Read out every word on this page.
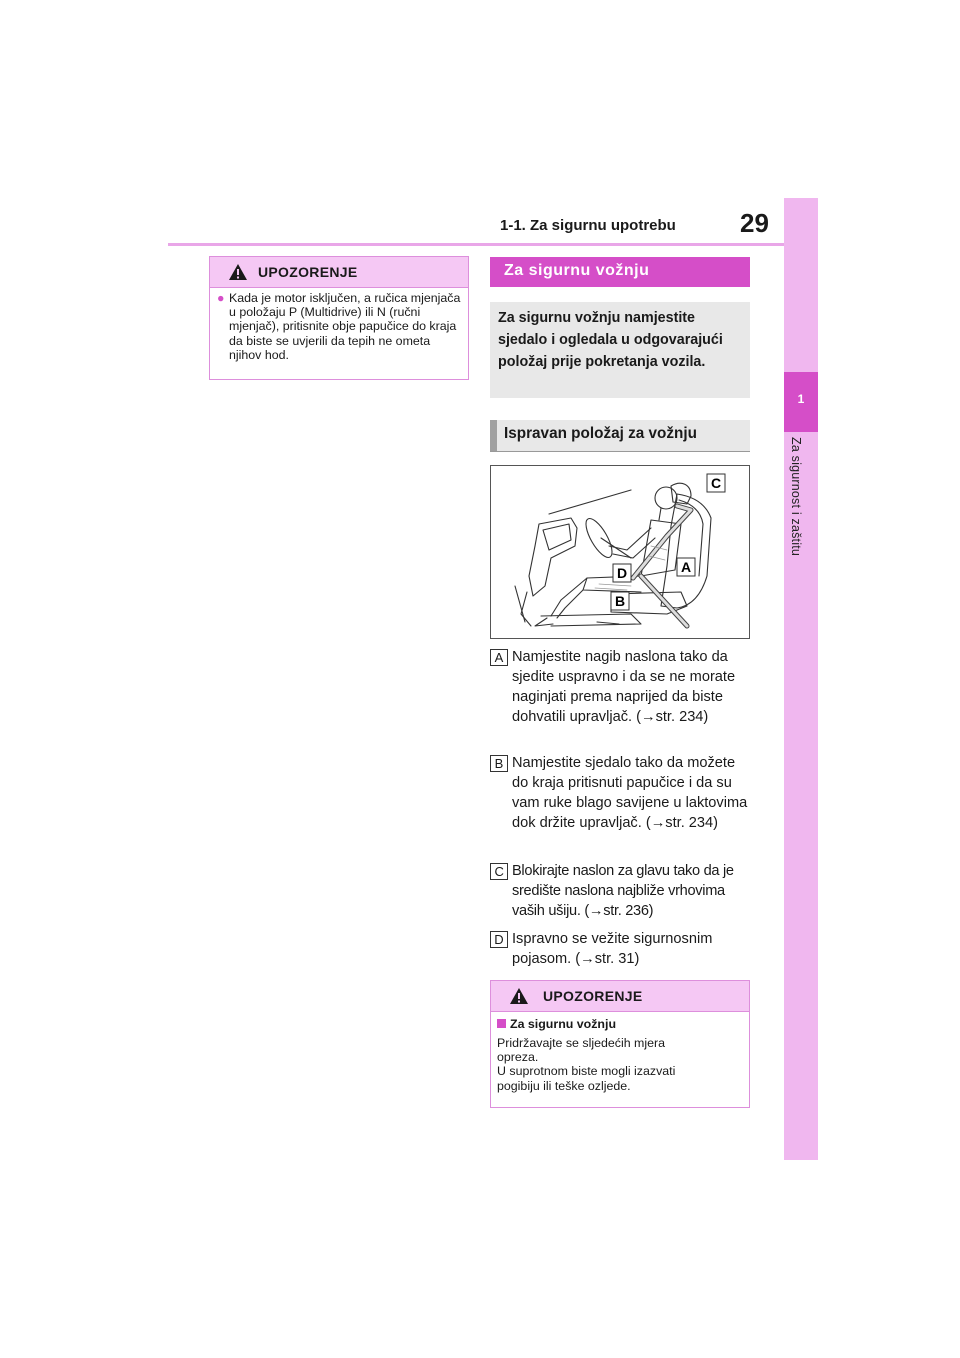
1-1. Za sigurnu upotrebu 29
1
Za sigurnost i zaštitu
UPOZORENJE
● Kada je motor isključen, a ručica mjenjača u položaju P (Multidrive) ili N (ručni mjenjač), pritisnite obje papučice do kraja da biste se uvjerili da tepih ne ometa njihov hod.
Za sigurnu vožnju
Za sigurnu vožnju namjestite sjedalo i ogledala u odgovarajući položaj prije pokretanja vozila.
Ispravan položaj za vožnju
C
A
D
B
A Namjestite nagib naslona tako da sjedite uspravno i da se ne morate naginjati prema naprijed da biste dohvatili upravljač. (→str. 234)
B Namjestite sjedalo tako da možete do kraja pritisnuti papučice i da su vam ruke blago savijene u laktovima dok držite upravljač. (→str. 234)
C Blokirajte naslon za glavu tako da je središte naslona najbliže vrhovima vaših ušiju. (→str. 236)
D Ispravno se vežite sigurnosnim pojasom. (→str. 31)
UPOZORENJE
Za sigurnu vožnju
Pridržavajte se sljedećih mjera
opreza.
U suprotnom biste mogli izazvati
pogibiju ili teške ozljede.
